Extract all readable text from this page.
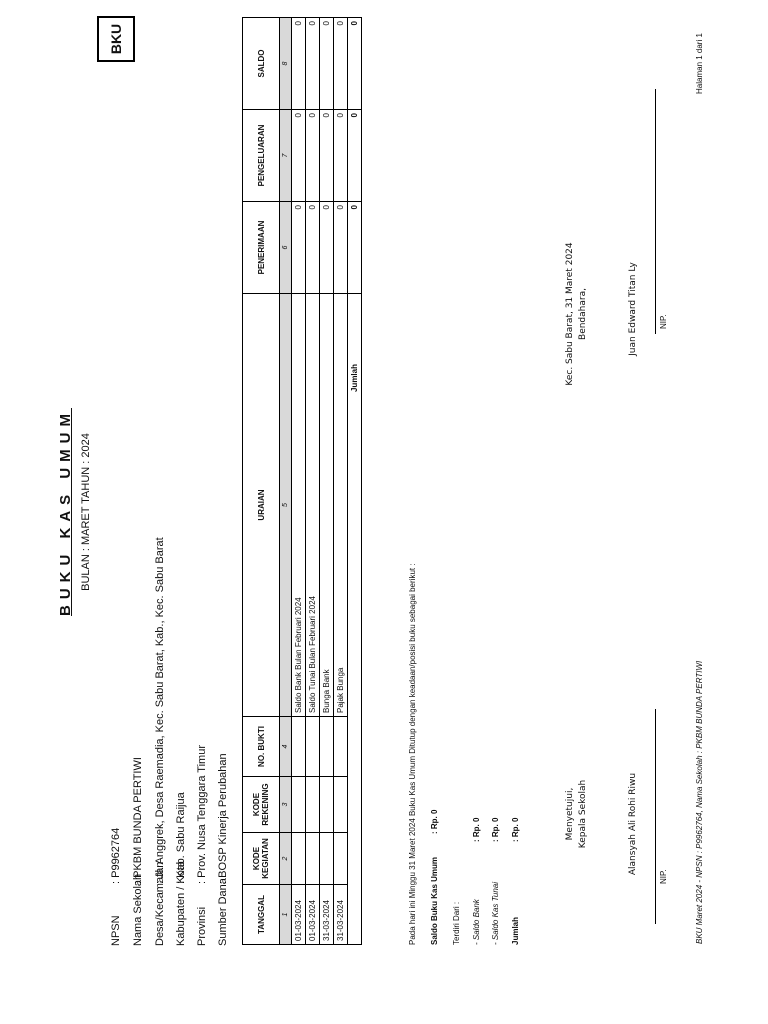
BKU
BUKU KAS UMUM BULAN : MARET TAHUN : 2024
NPSN
: P9962764
Nama Sekolah
: PKBM BUNDA PERTIWI
Desa/Kecamatan
: Jl. Anggrek, Desa Raemadia, Kec. Sabu Barat, Kab., Kec. Sabu Barat
Kabupaten / Kota
: Kab. Sabu Raijua
Provinsi
: Prov. Nusa Tenggara Timur
Sumber Dana
: BOSP Kinerja Perubahan
TANGGAL	KODE KEGIATAN	KODE REKENING	NO. BUKTI	URAIAN	PENERIMAAN	PENGELUARAN	SALDO
1	2	3	4	5	6	7	8
01-03-2024				Saldo Bank Bulan Februari 2024	0	0	0
01-03-2024				Saldo Tunai Bulan Februari 2024	0	0	0
31-03-2024				Bunga Bank	0	0	0
31-03-2024				Pajak Bunga	0	0	0
Jumlah					0	0	0
Pada hari ini Minggu 31 Maret 2024 Buku Kas Umum Ditutup dengan keadaan/posisi buku sebagai berikut : Saldo Buku Kas Umum
: Rp. 0
Terdiri Dari : - Saldo Bank
: Rp. 0
- Saldo Kas Tunai
: Rp. 0
Jumlah
: Rp. 0	Menyetujui, Kepala Sekolah	Alansyah Ali Rohi Riwu
NIP.
Kec. Sabu Barat, 31 Maret 2024 Bendahara,	Juan Edward Titan Ly	NIP.
BKU Maret 2024 - NPSN : P9962764, Nama Sekolah : PKBM BUNDA PERTIWI
Halaman 1 dari 1
